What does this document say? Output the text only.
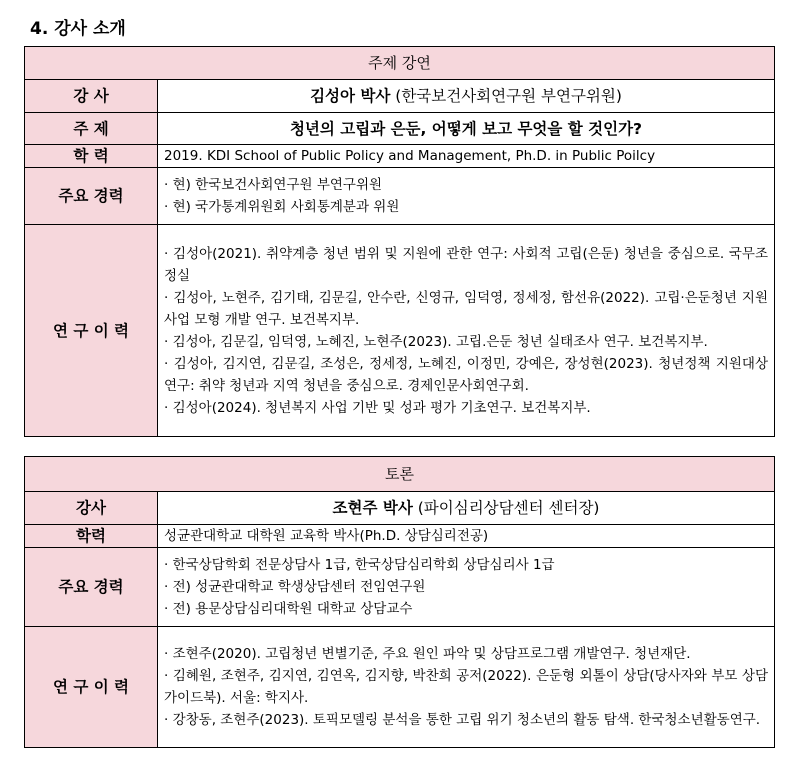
4. 강사 소개
주제 강연	
강 사	김성아 박사 (한국보건사회연구원 부연구위원)
주 제	청년의 고립과 은둔, 어떻게 보고 무엇을 할 것인가?
학 력	2019. KDI School of Public Policy and Management, Ph.D. in Public Poilcy
주요 경력	· 현) 한국보건사회연구원 부연구위원
· 현) 국가통계위원회 사회통계분과 위원

연 구 이 력	· 김성아(2021). 취약계층 청년 범위 및 지원에 관한 연구: 사회적 고립(은둔) 청년을 중심으로. 국무조정실
· 김성아, 노현주, 김기태, 김문길, 안수란, 신영규, 임덕영, 정세정, 함선유(2022). 고립·은둔청년 지원 사업 모형 개발 연구. 보건복지부.
· 김성아, 김문길, 임덕영, 노혜진, 노현주(2023). 고립.은둔 청년 실태조사 연구. 보건복지부.
· 김성아, 김지연, 김문길, 조성은, 정세정, 노혜진, 이정민, 강예은, 장성현(2023). 청년정책 지원대상 연구: 취약 청년과 지역 청년을 중심으로. 경제인문사회연구회.
· 김성아(2024). 청년복지 사업 기반 및 성과 평가 기초연구. 보건복지부.
토론	
강사	조현주 박사 (파이심리상담센터 센터장)
학력	성균관대학교 대학원 교육학 박사(Ph.D. 상담심리전공)
주요 경력	· 한국상담학회 전문상담사 1급, 한국상담심리학회 상담심리사 1급
· 전) 성균관대학교 학생상담센터 전임연구원
· 전) 용문상담심리대학원 대학교 상담교수

연 구 이 력	· 조현주(2020). 고립청년 변별기준, 주요 원인 파악 및 상담프로그램 개발연구. 청년재단.
· 김혜원, 조현주, 김지연, 김연옥, 김지향, 박찬희 공저(2022). 은둔형 외톨이 상담(당사자와 부모 상담 가이드북). 서울: 학지사.
· 강창동, 조현주(2023). 토픽모델링 분석을 통한 고립 위기 청소년의 활동 탐색. 한국청소년활동연구.
